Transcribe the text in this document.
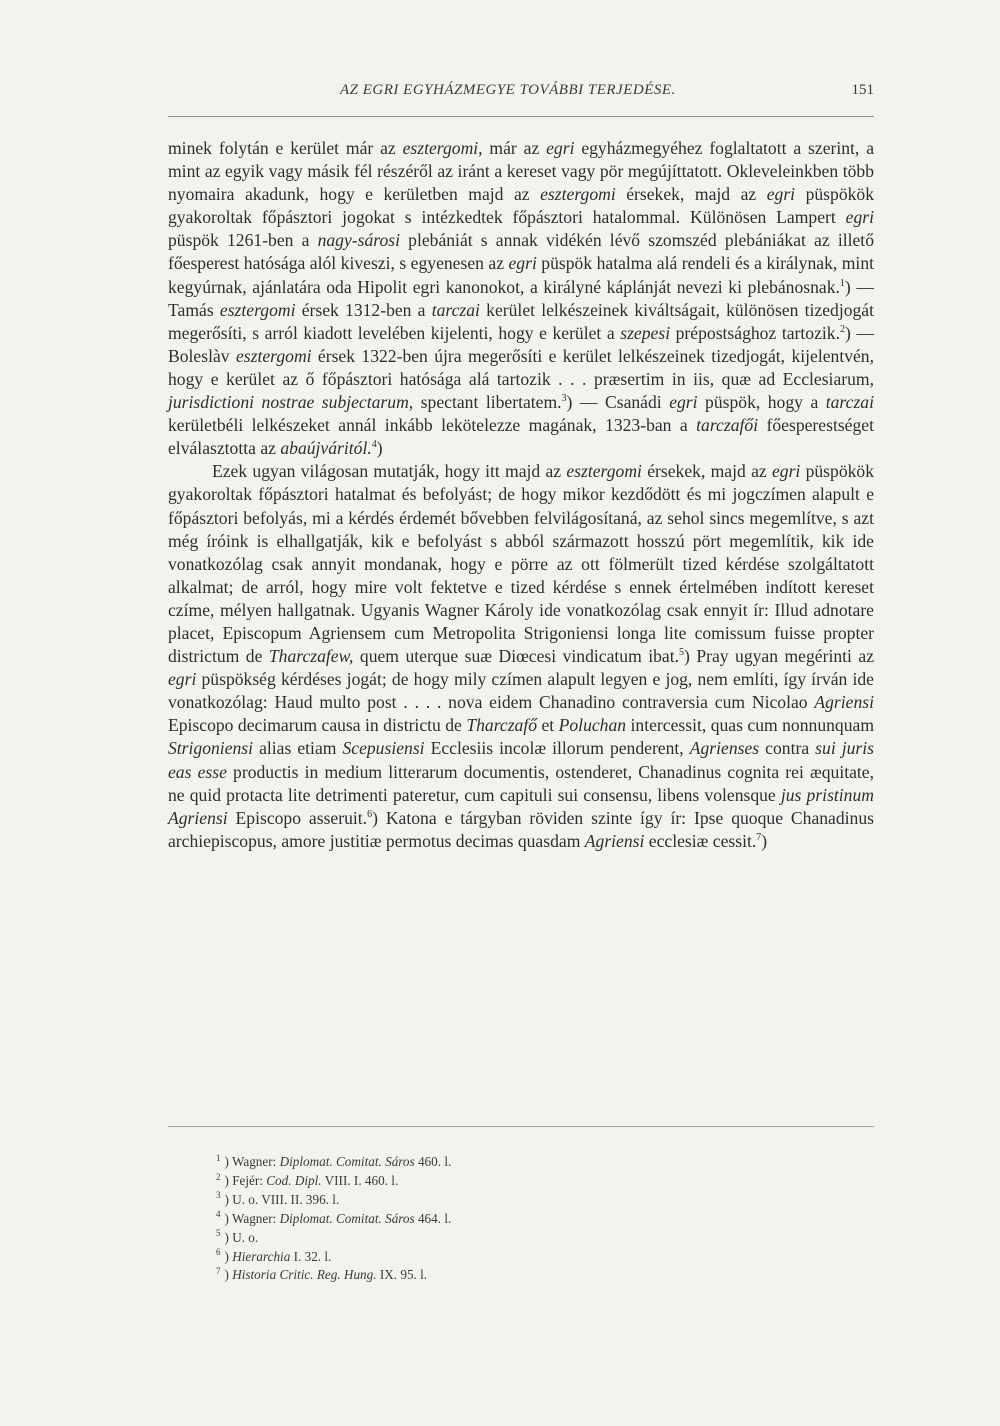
AZ EGRI EGYHÁZMEGYE TOVÁBBI TERJEDÉSE.	151

minek folytán e kerület már az esztergomi, már az egri egyházmegyéhez foglaltatott a szerint, a mint az egyik vagy másik fél részéről az iránt a kereset vagy pör megújíttatott. Okleveleinkben több nyomaira akadunk, hogy e kerületben majd az esztergomi érsekek, majd az egri püspökök gyakoroltak főpásztori jogokat s intézkedtek főpásztori hatalommal. Különösen Lampert egri püspök 1261-ben a nagy-sárosi plebániát s annak vidékén lévő szomszéd plebániákat az illető főesperest hatósága alól kiveszi, s egyenesen az egri püspök hatalma alá rendeli és a királynak, mint kegyúrnak, ajánlatára oda Hipolit egri kanonokot, a királyné káplánját nevezi ki plebánosnak.$^1$) — Tamás esztergomi érsek 1312-ben a tarczai kerület lelkészeinek kiváltságait, különösen tizedjogát megerősíti, s arról kiadott levelében kijelenti, hogy e kerület a szepesi prépostsághoz tartozik.$^2$) — Boleslàv esztergomi érsek 1322-ben újra megerősíti e kerület lelkészeinek tizedjogát, kijelentvén, hogy e kerület az ő főpásztori hatósága alá tartozik . . . præsertim in iis, quæ ad Ecclesiarum, jurisdictioni nostrae subjectarum, spectant libertatem.$^3$) — Csanádi egri püspök, hogy a tarczai kerületbéli lelkészeket annál inkább lekötelezze magának, 1323-ban a tarczafői főesperestséget elválasztotta az abaújváritól.$^4$)

Ezek ugyan világosan mutatják, hogy itt majd az esztergomi érsekek, majd az egri püspökök gyakoroltak főpásztori hatalmat és befolyást; de hogy mikor kezdődött és mi jogczímen alapult e főpásztori befolyás, mi a kérdés érdemét bővebben felvilágosítaná, az sehol sincs megemlítve, s azt még íróink is elhallgatják, kik e befolyást s abból származott hosszú pört megemlítik, kik ide vonatkozólag csak annyit mondanak, hogy e pörre az ott fölmerült tized kérdése szolgáltatott alkalmat; de arról, hogy mire volt fektetve e tized kérdése s ennek értelmében indított kereset czíme, mélyen hallgatnak. Ugyanis Wagner Károly ide vonatkozólag csak ennyit ír: Illud adnotare placet, Episcopum Agriensem cum Metropolita Strigoniensi longa lite comissum fuisse propter districtum de Tharczafew, quem uterque suæ Diœcesi vindicatum ibat.$^5$) Pray ugyan megérinti az egri püspökség kérdéses jogát; de hogy mily czímen alapult legyen e jog, nem említi, így írván ide vonatkozólag: Haud multo post . . . . nova eidem Chanadino contraversia cum Nicolao Agriensi Episcopo decimarum causa in districtu de Tharczafő et Poluchan intercessit, quas cum nonnunquam Strigoniensi alias etiam Scepusiensi Ecclesiis incolæ illorum penderent, Agrienses contra sui juris eas esse productis in medium litterarum documentis, ostenderet, Chanadinus cognita rei æquitate, ne quid protacta lite detrimenti pateretur, cum capituli sui consensu, libens volensque jus pristinum Agriensi Episcopo asseruit.$^6$) Katona e tárgyban röviden szinte így ír: Ipse quoque Chanadinus archiepiscopus, amore justitiæ permotus decimas quasdam Agriensi ecclesiæ cessit.$^7$)

$^1$ ) Wagner: Diplomat. Comitat. Sáros 460. l.
$^2$ ) Fejér: Cod. Dipl. VIII. I. 460. l.
$^3$ ) U. o. VIII. II. 396. l.
$^4$ ) Wagner: Diplomat. Comitat. Sáros 464. l.
$^5$ ) U. o.
$^6$ ) Hierarchia I. 32. l.
$^7$ ) Historia Critic. Reg. Hung. IX. 95. l.
